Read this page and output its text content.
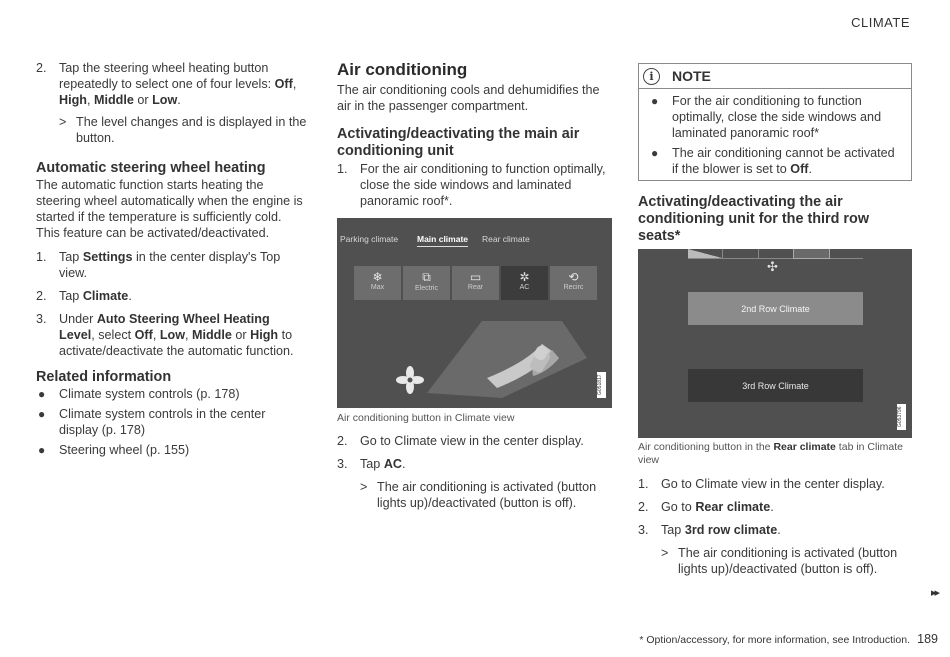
CLIMATE
2. Tap the steering wheel heating button repeatedly to select one of four levels: Off, High, Middle or Low.
> The level changes and is displayed in the button.
Automatic steering wheel heating

The automatic function starts heating the steering wheel automatically when the engine is started if the temperature is sufficiently cold. This feature can be activated/deactivated.

1. Tap Settings in the center display's Top view.
2. Tap Climate.
3. Under Auto Steering Wheel Heating Level, select Off, Low, Middle or High to activate/deactivate the automatic function.
Related information
● Climate system controls (p. 178)
● Climate system controls in the center display (p. 178)
● Steering wheel (p. 155)
Air conditioning

The air conditioning cools and dehumidifies the air in the passenger compartment.

Activating/deactivating the main air conditioning unit
1. For the air conditioning to function optimally, close the side windows and laminated panoramic roof*.
Parking climate Main climate Rear climate
❄
Max
⧉
Electric
▭
Rear
✲
AC
⟲
Recirc
G051817
Air conditioning button in Climate view
2. Go to Climate view in the center display.
3. Tap AC.
> The air conditioning is activated (button lights up)/deactivated (button is off).
i	NOTE
● For the air conditioning to function optimally, close the side windows and laminated panoramic roof*
● The air conditioning cannot be activated if the blower is set to Off.
Activating/deactivating the air conditioning unit for the third row seats*
✣
2nd Row Climate
3rd Row Climate
G053796
Air conditioning button in the Rear climate tab in Climate view
1. Go to Climate view in the center display.
2. Go to Rear climate.
3. Tap 3rd row climate.
> The air conditioning is activated (button lights up)/deactivated (button is off).
▸▸
* Option/accessory, for more information, see Introduction. 189
